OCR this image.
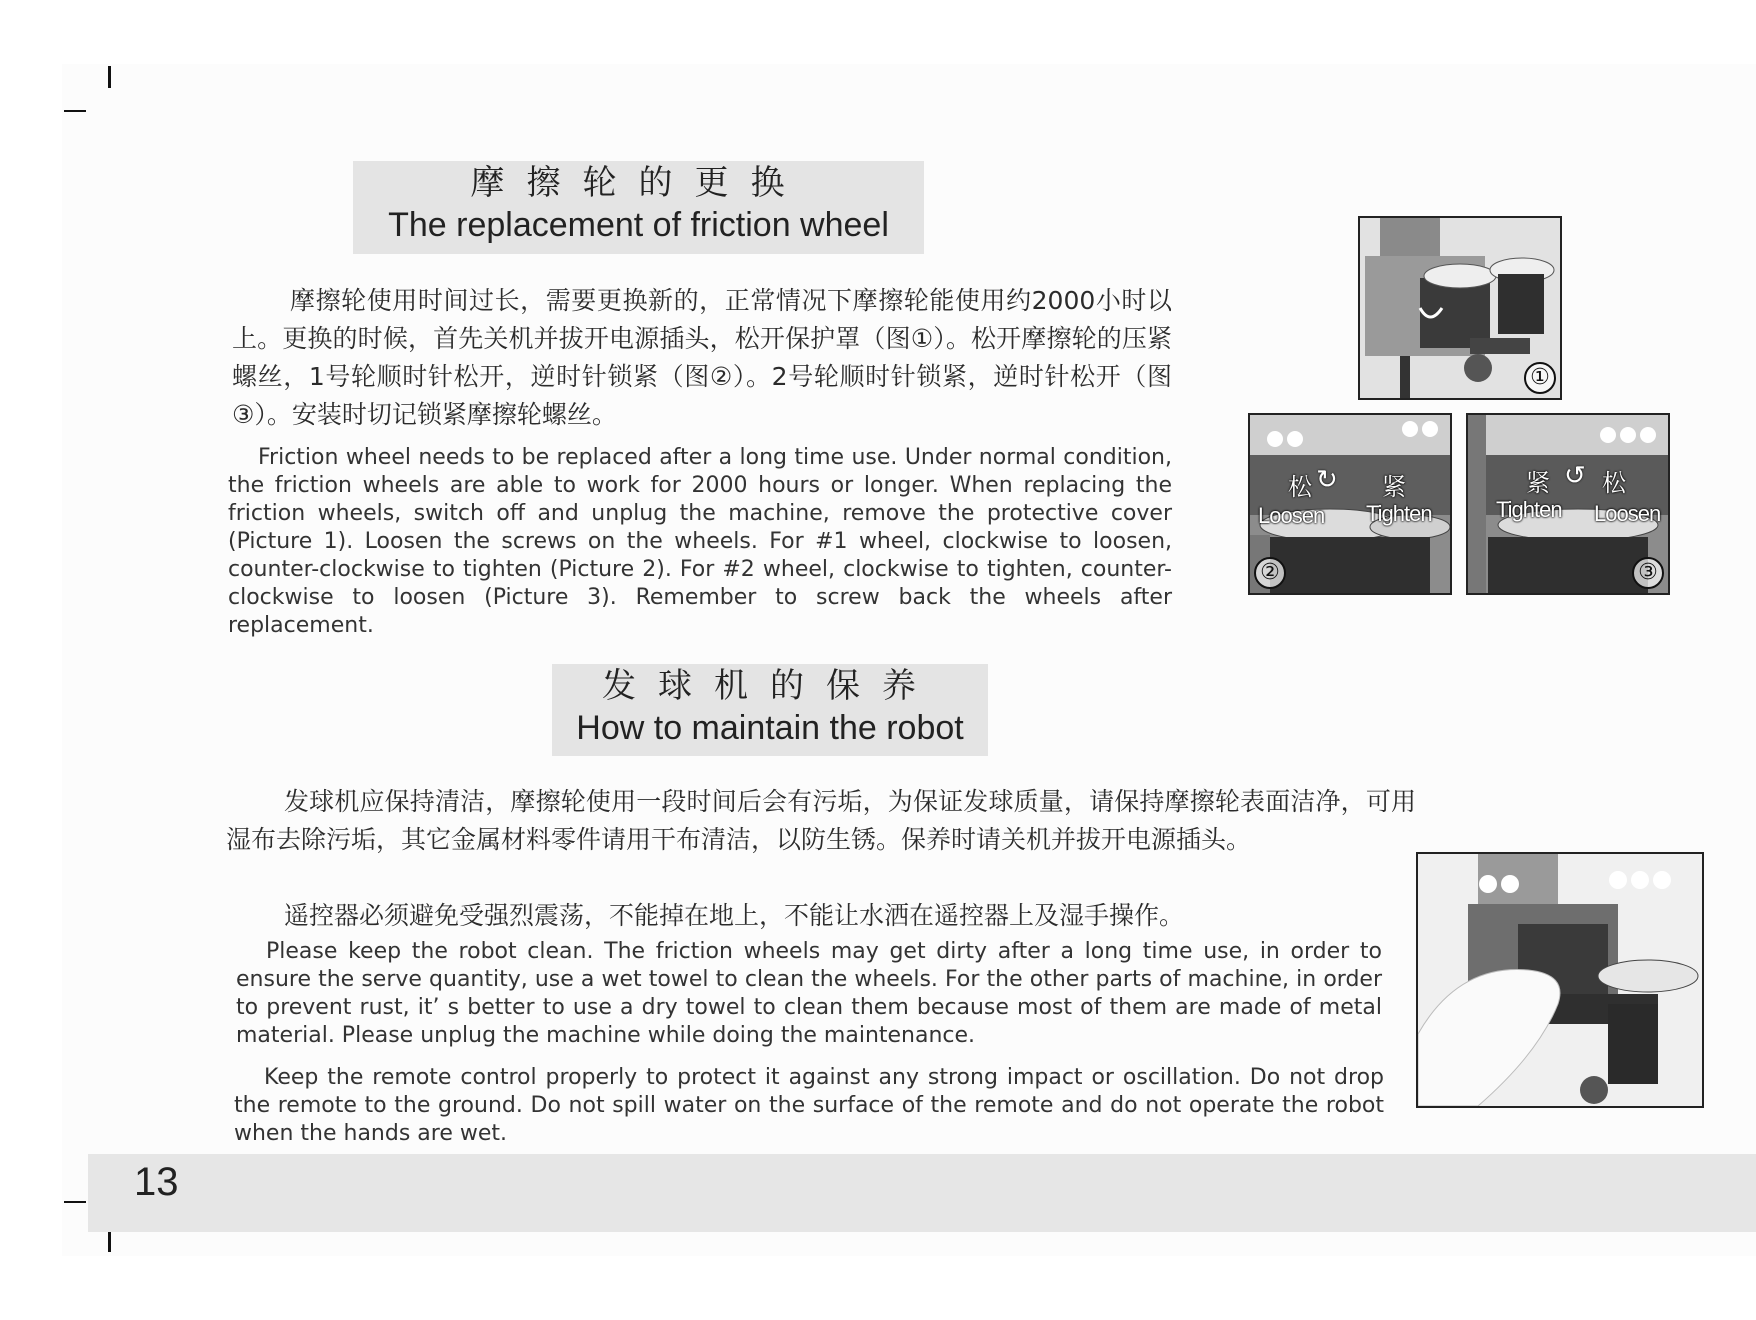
摩擦轮的更换
The replacement of friction wheel
摩擦轮使用时间过长，需要更换新的，正常情况下摩擦轮能使用约2000小时以上。更换的时候，首先关机并拔开电源插头，松开保护罩（图①）。松开摩擦轮的压紧螺丝，1号轮顺时针松开，逆时针锁紧（图②）。2号轮顺时针锁紧，逆时针松开（图③）。安装时切记锁紧摩擦轮螺丝。
Friction wheel needs to be replaced after a long time use. Under normal condition, the friction wheels are able to work for 2000 hours or longer. When replacing the friction wheels, switch off and unplug the machine, remove the protective cover (Picture 1). Loosen the screws on the wheels. For #1 wheel, clockwise to loosen, counter-clockwise to tighten (Picture 2). For #2 wheel, clockwise to tighten, counter-clockwise to loosen (Picture 3). Remember to screw back the wheels after replacement.
①
松 ↻ 紧
Loosen Tighten
②
紧 ↺ 松
Tighten Loosen
③
发球机的保养
How to maintain the robot
发球机应保持清洁，摩擦轮使用一段时间后会有污垢，为保证发球质量，请保持摩擦轮表面洁净，可用湿布去除污垢，其它金属材料零件请用干布清洁，以防生锈。保养时请关机并拔开电源插头。
遥控器必须避免受强烈震荡，不能掉在地上，不能让水洒在遥控器上及湿手操作。
Please keep the robot clean. The friction wheels may get dirty after a long time use, in order to ensure the serve quantity, use a wet towel to clean the wheels. For the other parts of machine, in order to prevent rust, it’ s better to use a dry towel to clean them because most of them are made of metal material. Please unplug the machine while doing the maintenance.
Keep the remote control properly to protect it against any strong impact or oscillation. Do not drop the remote to the ground. Do not spill water on the surface of the remote and do not operate the robot when the hands are wet.
13
